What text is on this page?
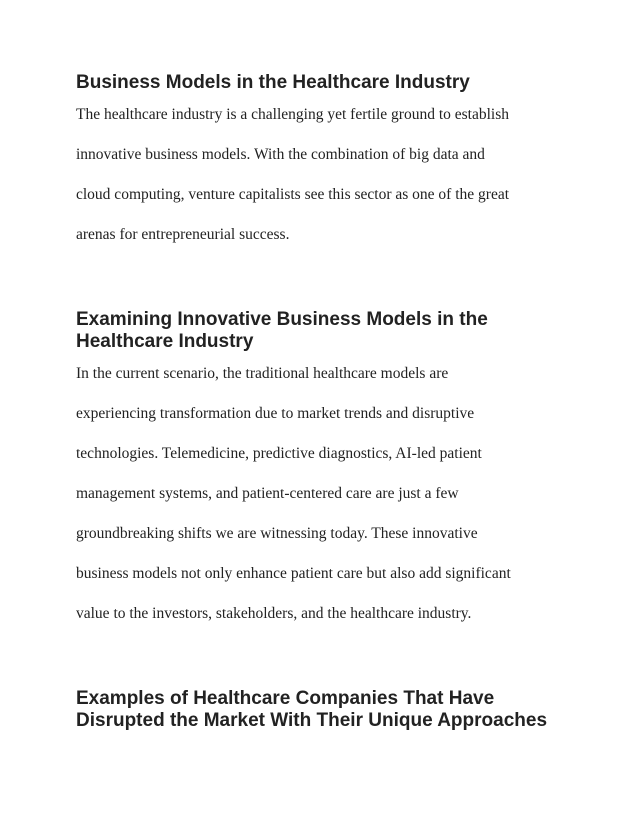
Business Models in the Healthcare Industry

The healthcare industry is a challenging yet fertile ground to establish

innovative business models. With the combination of big data and

cloud computing, venture capitalists see this sector as one of the great

arenas for entrepreneurial success.

Examining Innovative Business Models in the
Healthcare Industry

In the current scenario, the traditional healthcare models are

experiencing transformation due to market trends and disruptive

technologies. Telemedicine, predictive diagnostics, AI-led patient

management systems, and patient-centered care are just a few

groundbreaking shifts we are witnessing today. These innovative

business models not only enhance patient care but also add significant

value to the investors, stakeholders, and the healthcare industry.

Examples of Healthcare Companies That Have
Disrupted the Market With Their Unique Approaches
